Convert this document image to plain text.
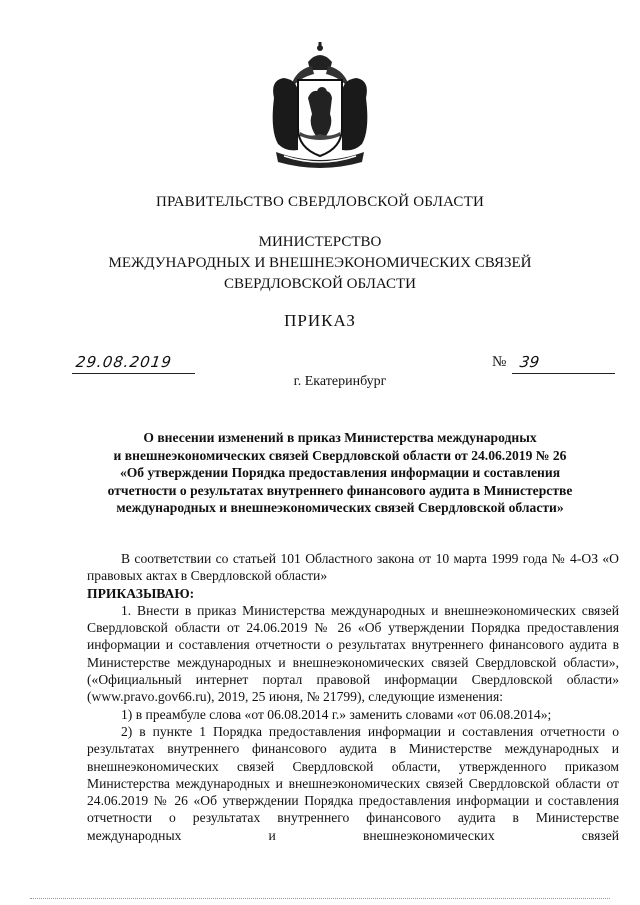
ПРАВИТЕЛЬСТВО СВЕРДЛОВСКОЙ ОБЛАСТИ
МИНИСТЕРСТВО
МЕЖДУНАРОДНЫХ И ВНЕШНЕЭКОНОМИЧЕСКИХ СВЯЗЕЙ
СВЕРДЛОВСКОЙ ОБЛАСТИ
ПРИКАЗ
29.08.2019	№ 39
г. Екатеринбург
О внесении изменений в приказ Министерства международных
и внешнеэкономических связей Свердловской области от 24.06.2019 № 26
«Об утверждении Порядка предоставления информации и составления
отчетности о результатах внутреннего финансового аудита в Министерстве
международных и внешнеэкономических связей Свердловской области»

В соответствии со статьей 101 Областного закона от 10 марта 1999 года № 4-ОЗ «О правовых актах в Свердловской области»

ПРИКАЗЫВАЮ:

1. Внести в приказ Министерства международных и внешнеэкономических связей Свердловской области от 24.06.2019 № 26 «Об утверждении Порядка предоставления информации и составления отчетности о результатах внутреннего финансового аудита в Министерстве международных и внешнеэкономических связей Свердловской области», («Официальный интернет портал правовой информации Свердловской области» (www.pravo.gov66.ru), 2019, 25 июня, № 21799), следующие изменения:

1) в преамбуле слова «от 06.08.2014 г.» заменить словами «от 06.08.2014»;

2) в пункте 1 Порядка предоставления информации и составления отчетности о результатах внутреннего финансового аудита в Министерстве международных и внешнеэкономических связей Свердловской области, утвержденного приказом Министерства международных и внешнеэкономических связей Свердловской области от 24.06.2019 № 26 «Об утверждении Порядка предоставления информации и составления отчетности о результатах внутреннего финансового аудита в Министерстве международных и внешнеэкономических связей
